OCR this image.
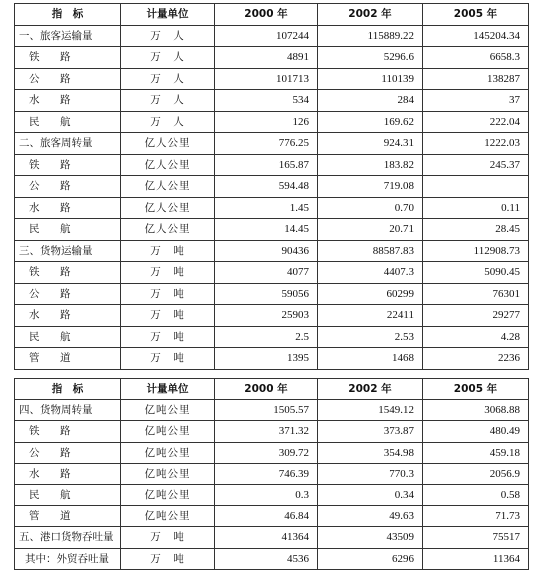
指　标	计量单位	2000 年	2002 年	2005 年
一、旅客运输量	万　人	107244	115889.22	145204.34
铁　路	万　人	4891	5296.6	6658.3
公　路	万　人	101713	110139	138287
水　路	万　人	534	284	37
民　航	万　人	126	169.62	222.04
二、旅客周转量	亿人公里	776.25	924.31	1222.03
铁　路	亿人公里	165.87	183.82	245.37
公　路	亿人公里	594.48	719.08	
水　路	亿人公里	1.45	0.70	0.11
民　航	亿人公里	14.45	20.71	28.45
三、货物运输量	万　吨	90436	88587.83	112908.73
铁　路	万　吨	4077	4407.3	5090.45
公　路	万　吨	59056	60299	76301
水　路	万　吨	25903	22411	29277
民　航	万　吨	2.5	2.53	4.28
管　道	万　吨	1395	1468	2236
指　标	计量单位	2000 年	2002 年	2005 年
四、货物周转量	亿吨公里	1505.57	1549.12	3068.88
铁　路	亿吨公里	371.32	373.87	480.49
公　路	亿吨公里	309.72	354.98	459.18
水　路	亿吨公里	746.39	770.3	2056.9
民　航	亿吨公里	0.3	0.34	0.58
管　道	亿吨公里	46.84	49.63	71.73
五、港口货物吞吐量	万　吨	41364	43509	75517
其中：外贸吞吐量	万　吨	4536	6296	11364
